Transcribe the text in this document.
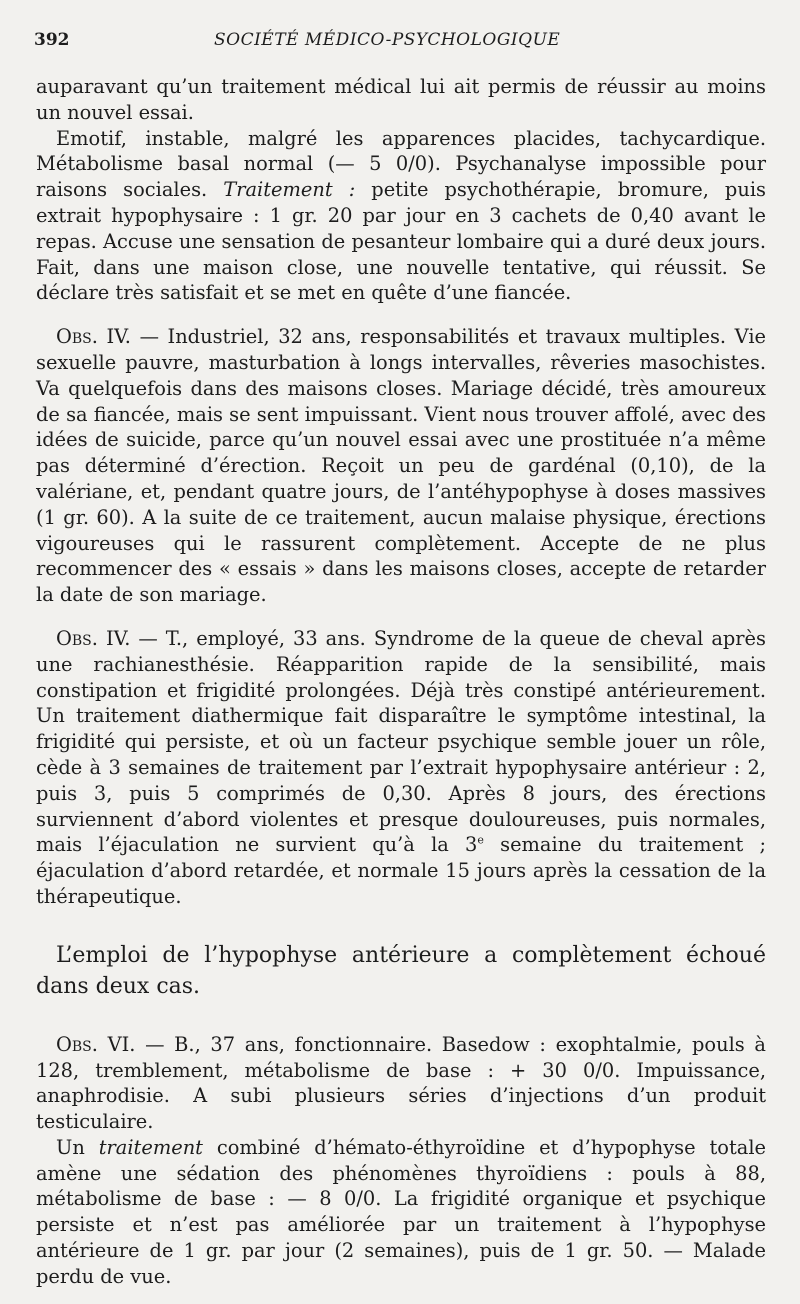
392	SOCIÉTÉ MÉDICO-PSYCHOLOGIQUE

auparavant qu’un traitement médical lui ait permis de réussir au moins un nouvel essai.

Emotif, instable, malgré les apparences placides, tachycardique. Métabolisme basal normal (— 5 0/0). Psychanalyse impossible pour raisons sociales. Traitement : petite psychothérapie, bromure, puis extrait hypophysaire : 1 gr. 20 par jour en 3 cachets de 0,40 avant le repas. Accuse une sensation de pesanteur lombaire qui a duré deux jours. Fait, dans une maison close, une nouvelle tentative, qui réussit. Se déclare très satisfait et se met en quête d’une fiancée.

Obs. IV. — Industriel, 32 ans, responsabilités et travaux multiples. Vie sexuelle pauvre, masturbation à longs intervalles, rêveries masochistes. Va quelquefois dans des maisons closes. Mariage décidé, très amoureux de sa fiancée, mais se sent impuissant. Vient nous trouver affolé, avec des idées de suicide, parce qu’un nouvel essai avec une prostituée n’a même pas déterminé d’érection. Reçoit un peu de gardénal (0,10), de la valériane, et, pendant quatre jours, de l’antéhypophyse à doses massives (1 gr. 60). A la suite de ce traitement, aucun malaise physique, érections vigoureuses qui le rassurent complètement. Accepte de ne plus recommencer des « essais » dans les maisons closes, accepte de retarder la date de son mariage.

Obs. IV. — T., employé, 33 ans. Syndrome de la queue de cheval après une rachianesthésie. Réapparition rapide de la sensibilité, mais constipation et frigidité prolongées. Déjà très constipé antérieurement. Un traitement diathermique fait disparaître le symptôme intestinal, la frigidité qui persiste, et où un facteur psychique semble jouer un rôle, cède à 3 semaines de traitement par l’extrait hypophysaire antérieur : 2, puis 3, puis 5 comprimés de 0,30. Après 8 jours, des érections surviennent d’abord violentes et presque douloureuses, puis normales, mais l’éjaculation ne survient qu’à la 3e semaine du traitement ; éjaculation d’abord retardée, et normale 15 jours après la cessation de la thérapeutique.

L’emploi de l’hypophyse antérieure a complètement échoué dans deux cas.

Obs. VI. — B., 37 ans, fonctionnaire. Basedow : exophtalmie, pouls à 128, tremblement, métabolisme de base : + 30 0/0. Impuissance, anaphrodisie. A subi plusieurs séries d’injections d’un produit testiculaire.

Un traitement combiné d’hémato-éthyroïdine et d’hypophyse totale amène une sédation des phénomènes thyroïdiens : pouls à 88, métabolisme de base : — 8 0/0. La frigidité organique et psychique persiste et n’est pas améliorée par un traitement à l’hypophyse antérieure de 1 gr. par jour (2 semaines), puis de 1 gr. 50. — Malade perdu de vue.
